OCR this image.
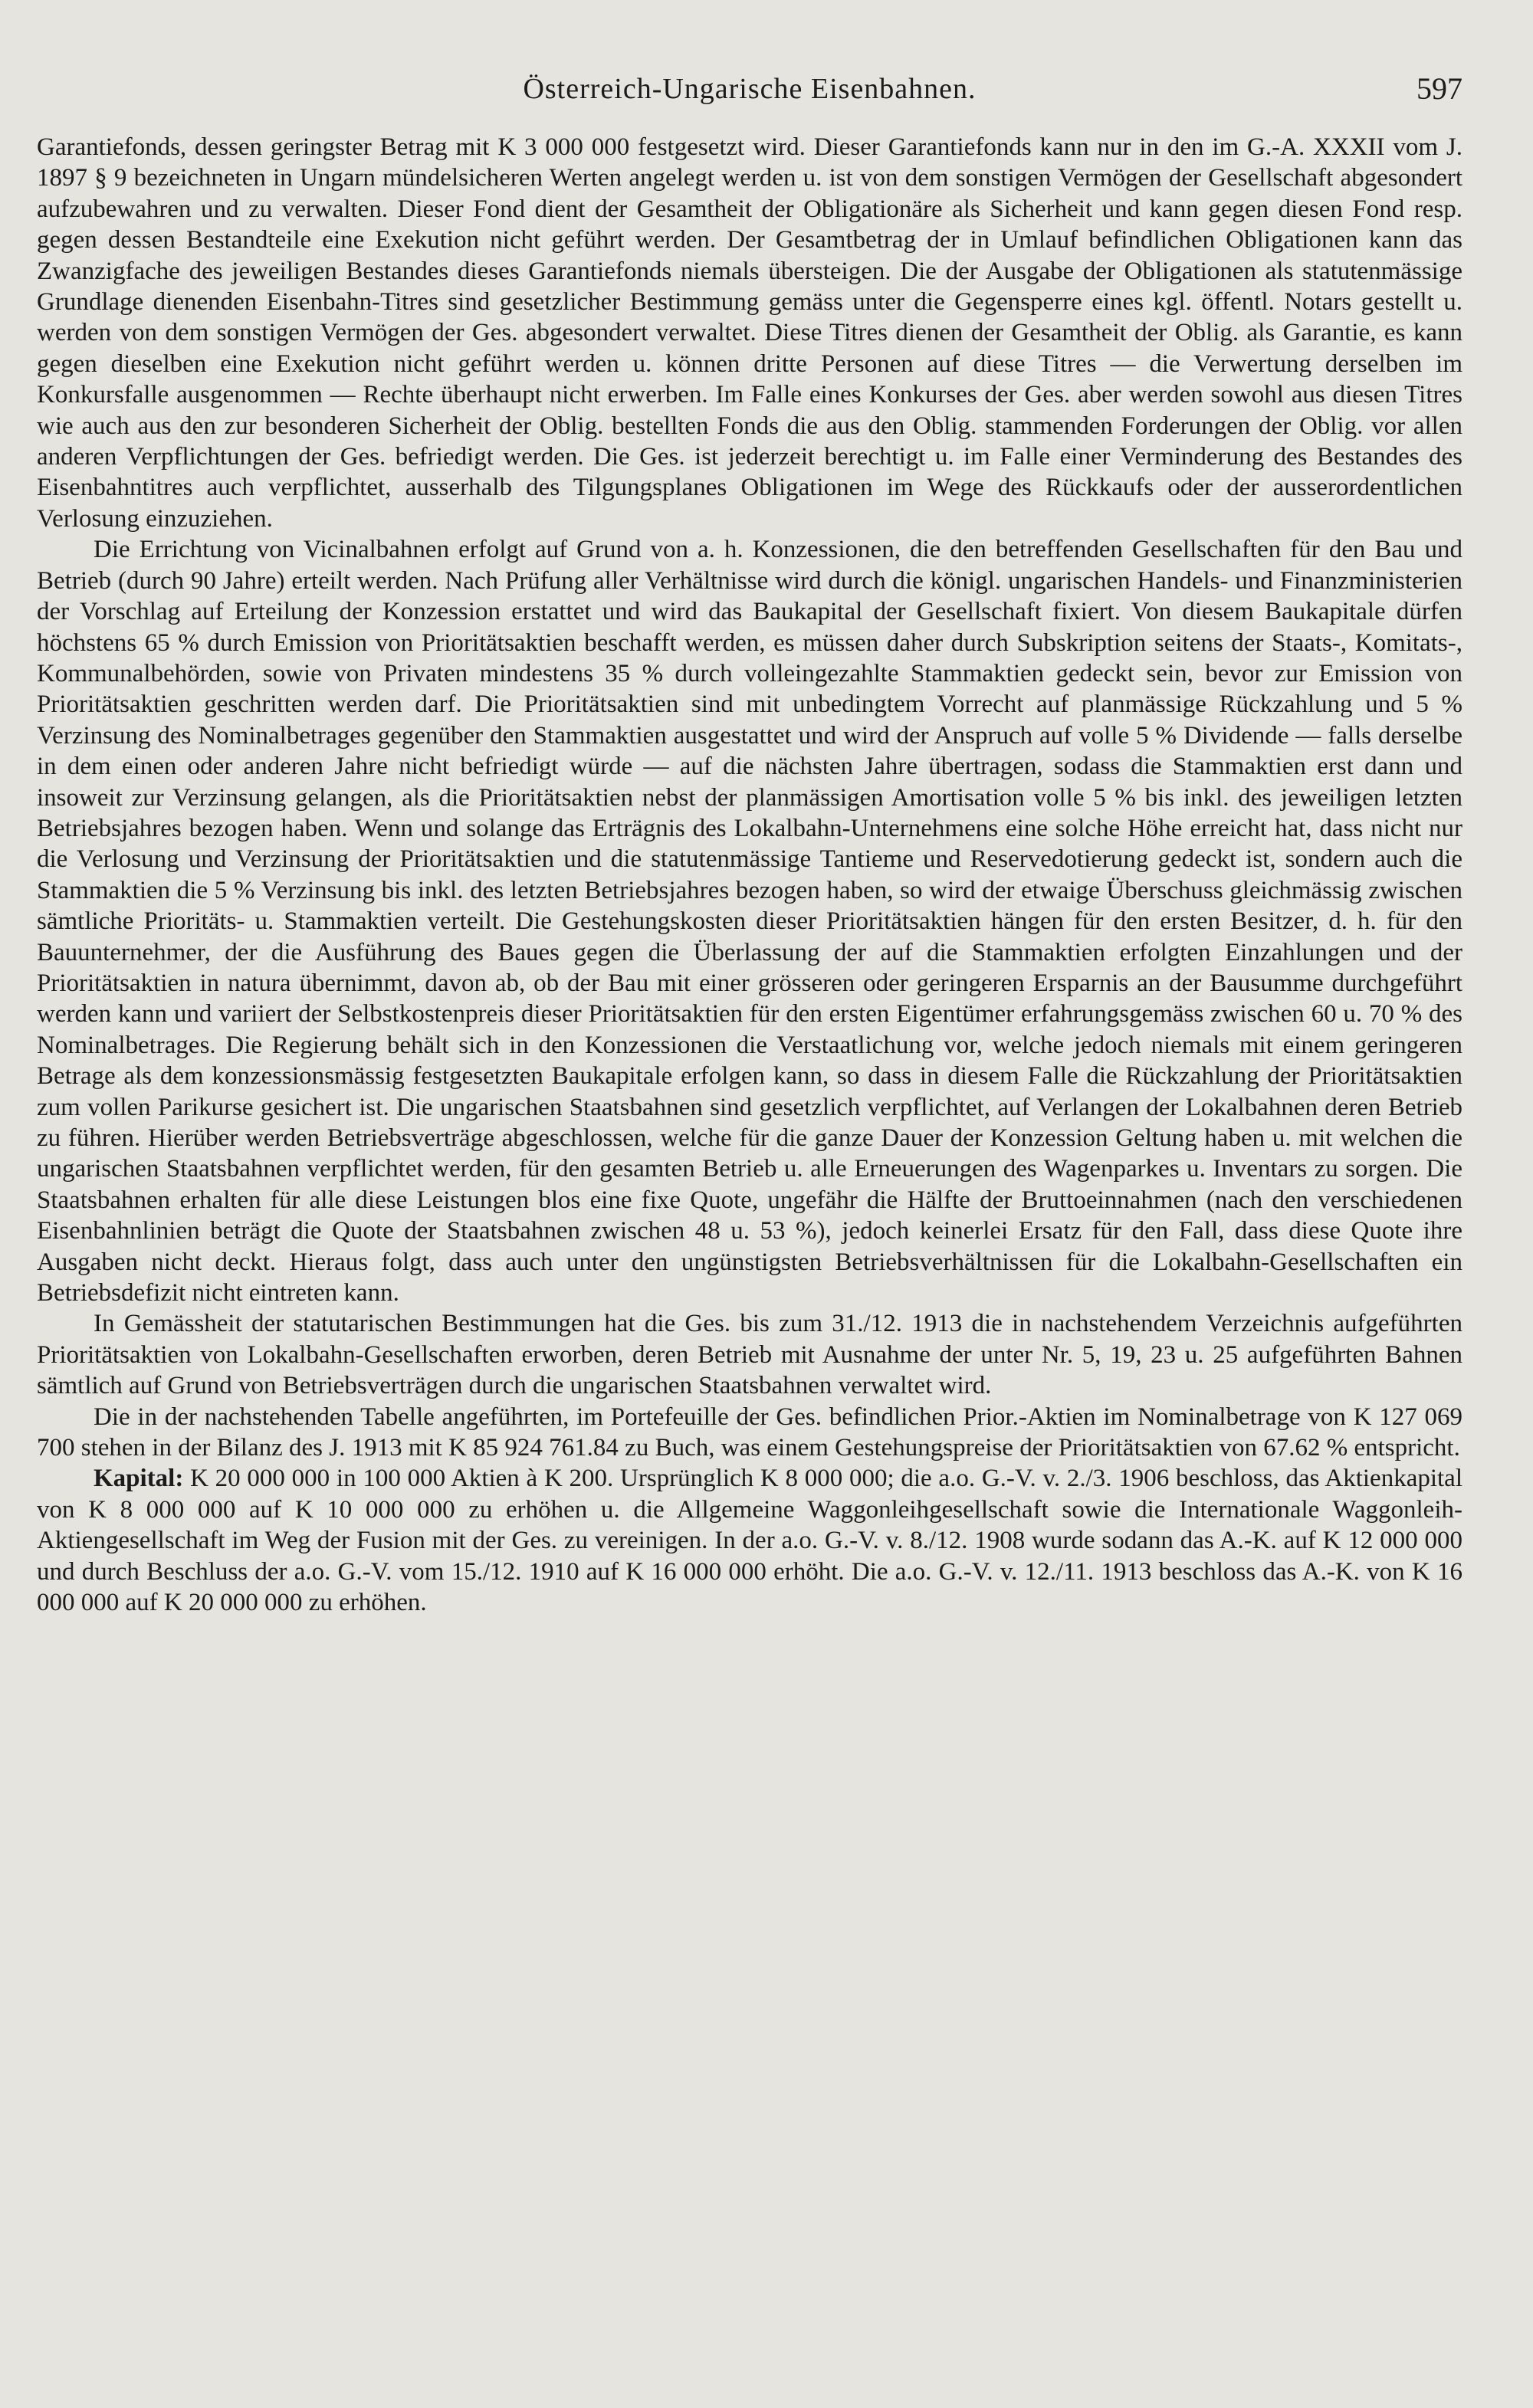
Österreich-Ungarische Eisenbahnen.	597

Garantiefonds, dessen geringster Betrag mit K 3 000 000 festgesetzt wird. Dieser Garantiefonds kann nur in den im G.-A. XXXII vom J. 1897 § 9 bezeichneten in Ungarn mündelsicheren Werten angelegt werden u. ist von dem sonstigen Vermögen der Gesellschaft abgesondert aufzubewahren und zu verwalten. Dieser Fond dient der Gesamtheit der Obligationäre als Sicherheit und kann gegen diesen Fond resp. gegen dessen Bestandteile eine Exekution nicht geführt werden. Der Gesamtbetrag der in Umlauf befindlichen Obligationen kann das Zwanzigfache des jeweiligen Bestandes dieses Garantiefonds niemals übersteigen. Die der Ausgabe der Obligationen als statutenmässige Grundlage dienenden Eisenbahn-Titres sind gesetzlicher Bestimmung gemäss unter die Gegensperre eines kgl. öffentl. Notars gestellt u. werden von dem sonstigen Vermögen der Ges. abgesondert verwaltet. Diese Titres dienen der Gesamtheit der Oblig. als Garantie, es kann gegen dieselben eine Exekution nicht geführt werden u. können dritte Personen auf diese Titres — die Verwertung derselben im Konkursfalle ausgenommen — Rechte überhaupt nicht erwerben. Im Falle eines Konkurses der Ges. aber werden sowohl aus diesen Titres wie auch aus den zur besonderen Sicherheit der Oblig. bestellten Fonds die aus den Oblig. stammenden Forderungen der Oblig. vor allen anderen Verpflichtungen der Ges. befriedigt werden. Die Ges. ist jederzeit berechtigt u. im Falle einer Verminderung des Bestandes des Eisenbahntitres auch verpflichtet, ausserhalb des Tilgungsplanes Obligationen im Wege des Rückkaufs oder der ausserordentlichen Verlosung einzuziehen.

Die Errichtung von Vicinalbahnen erfolgt auf Grund von a. h. Konzessionen, die den betreffenden Gesellschaften für den Bau und Betrieb (durch 90 Jahre) erteilt werden. Nach Prüfung aller Verhältnisse wird durch die königl. ungarischen Handels- und Finanzministerien der Vorschlag auf Erteilung der Konzession erstattet und wird das Baukapital der Gesellschaft fixiert. Von diesem Baukapitale dürfen höchstens 65 % durch Emission von Prioritätsaktien beschafft werden, es müssen daher durch Subskription seitens der Staats-, Komitats-, Kommunalbehörden, sowie von Privaten mindestens 35 % durch volleingezahlte Stammaktien gedeckt sein, bevor zur Emission von Prioritätsaktien geschritten werden darf. Die Prioritätsaktien sind mit unbedingtem Vorrecht auf planmässige Rückzahlung und 5 % Verzinsung des Nominalbetrages gegenüber den Stammaktien ausgestattet und wird der Anspruch auf volle 5 % Dividende — falls derselbe in dem einen oder anderen Jahre nicht befriedigt würde — auf die nächsten Jahre übertragen, sodass die Stammaktien erst dann und insoweit zur Verzinsung gelangen, als die Prioritätsaktien nebst der planmässigen Amortisation volle 5 % bis inkl. des jeweiligen letzten Betriebsjahres bezogen haben. Wenn und solange das Erträgnis des Lokalbahn-Unternehmens eine solche Höhe erreicht hat, dass nicht nur die Verlosung und Verzinsung der Prioritätsaktien und die statutenmässige Tantieme und Reservedotierung gedeckt ist, sondern auch die Stammaktien die 5 % Verzinsung bis inkl. des letzten Betriebsjahres bezogen haben, so wird der etwaige Überschuss gleichmässig zwischen sämtliche Prioritäts- u. Stammaktien verteilt. Die Gestehungskosten dieser Prioritätsaktien hängen für den ersten Besitzer, d. h. für den Bauunternehmer, der die Ausführung des Baues gegen die Überlassung der auf die Stammaktien erfolgten Einzahlungen und der Prioritätsaktien in natura übernimmt, davon ab, ob der Bau mit einer grösseren oder geringeren Ersparnis an der Bausumme durchgeführt werden kann und variiert der Selbstkostenpreis dieser Prioritätsaktien für den ersten Eigentümer erfahrungsgemäss zwischen 60 u. 70 % des Nominalbetrages. Die Regierung behält sich in den Konzessionen die Verstaatlichung vor, welche jedoch niemals mit einem geringeren Betrage als dem konzessionsmässig festgesetzten Baukapitale erfolgen kann, so dass in diesem Falle die Rückzahlung der Prioritätsaktien zum vollen Parikurse gesichert ist. Die ungarischen Staatsbahnen sind gesetzlich verpflichtet, auf Verlangen der Lokalbahnen deren Betrieb zu führen. Hierüber werden Betriebsverträge abgeschlossen, welche für die ganze Dauer der Konzession Geltung haben u. mit welchen die ungarischen Staatsbahnen verpflichtet werden, für den gesamten Betrieb u. alle Erneuerungen des Wagenparkes u. Inventars zu sorgen. Die Staatsbahnen erhalten für alle diese Leistungen blos eine fixe Quote, ungefähr die Hälfte der Bruttoeinnahmen (nach den verschiedenen Eisenbahnlinien beträgt die Quote der Staatsbahnen zwischen 48 u. 53 %), jedoch keinerlei Ersatz für den Fall, dass diese Quote ihre Ausgaben nicht deckt. Hieraus folgt, dass auch unter den ungünstigsten Betriebsverhältnissen für die Lokalbahn-Gesellschaften ein Betriebsdefizit nicht eintreten kann.

In Gemässheit der statutarischen Bestimmungen hat die Ges. bis zum 31./12. 1913 die in nachstehendem Verzeichnis aufgeführten Prioritätsaktien von Lokalbahn-Gesellschaften erworben, deren Betrieb mit Ausnahme der unter Nr. 5, 19, 23 u. 25 aufgeführten Bahnen sämtlich auf Grund von Betriebsverträgen durch die ungarischen Staatsbahnen verwaltet wird.

Die in der nachstehenden Tabelle angeführten, im Portefeuille der Ges. befindlichen Prior.-Aktien im Nominalbetrage von K 127 069 700 stehen in der Bilanz des J. 1913 mit K 85 924 761.84 zu Buch, was einem Gestehungspreise der Prioritätsaktien von 67.62 % entspricht.

Kapital: K 20 000 000 in 100 000 Aktien à K 200. Ursprünglich K 8 000 000; die a.o. G.-V. v. 2./3. 1906 beschloss, das Aktienkapital von K 8 000 000 auf K 10 000 000 zu erhöhen u. die Allgemeine Waggonleihgesellschaft sowie die Internationale Waggonleih-Aktiengesellschaft im Weg der Fusion mit der Ges. zu vereinigen. In der a.o. G.-V. v. 8./12. 1908 wurde sodann das A.-K. auf K 12 000 000 und durch Beschluss der a.o. G.-V. vom 15./12. 1910 auf K 16 000 000 erhöht. Die a.o. G.-V. v. 12./11. 1913 beschloss das A.-K. von K 16 000 000 auf K 20 000 000 zu erhöhen.
